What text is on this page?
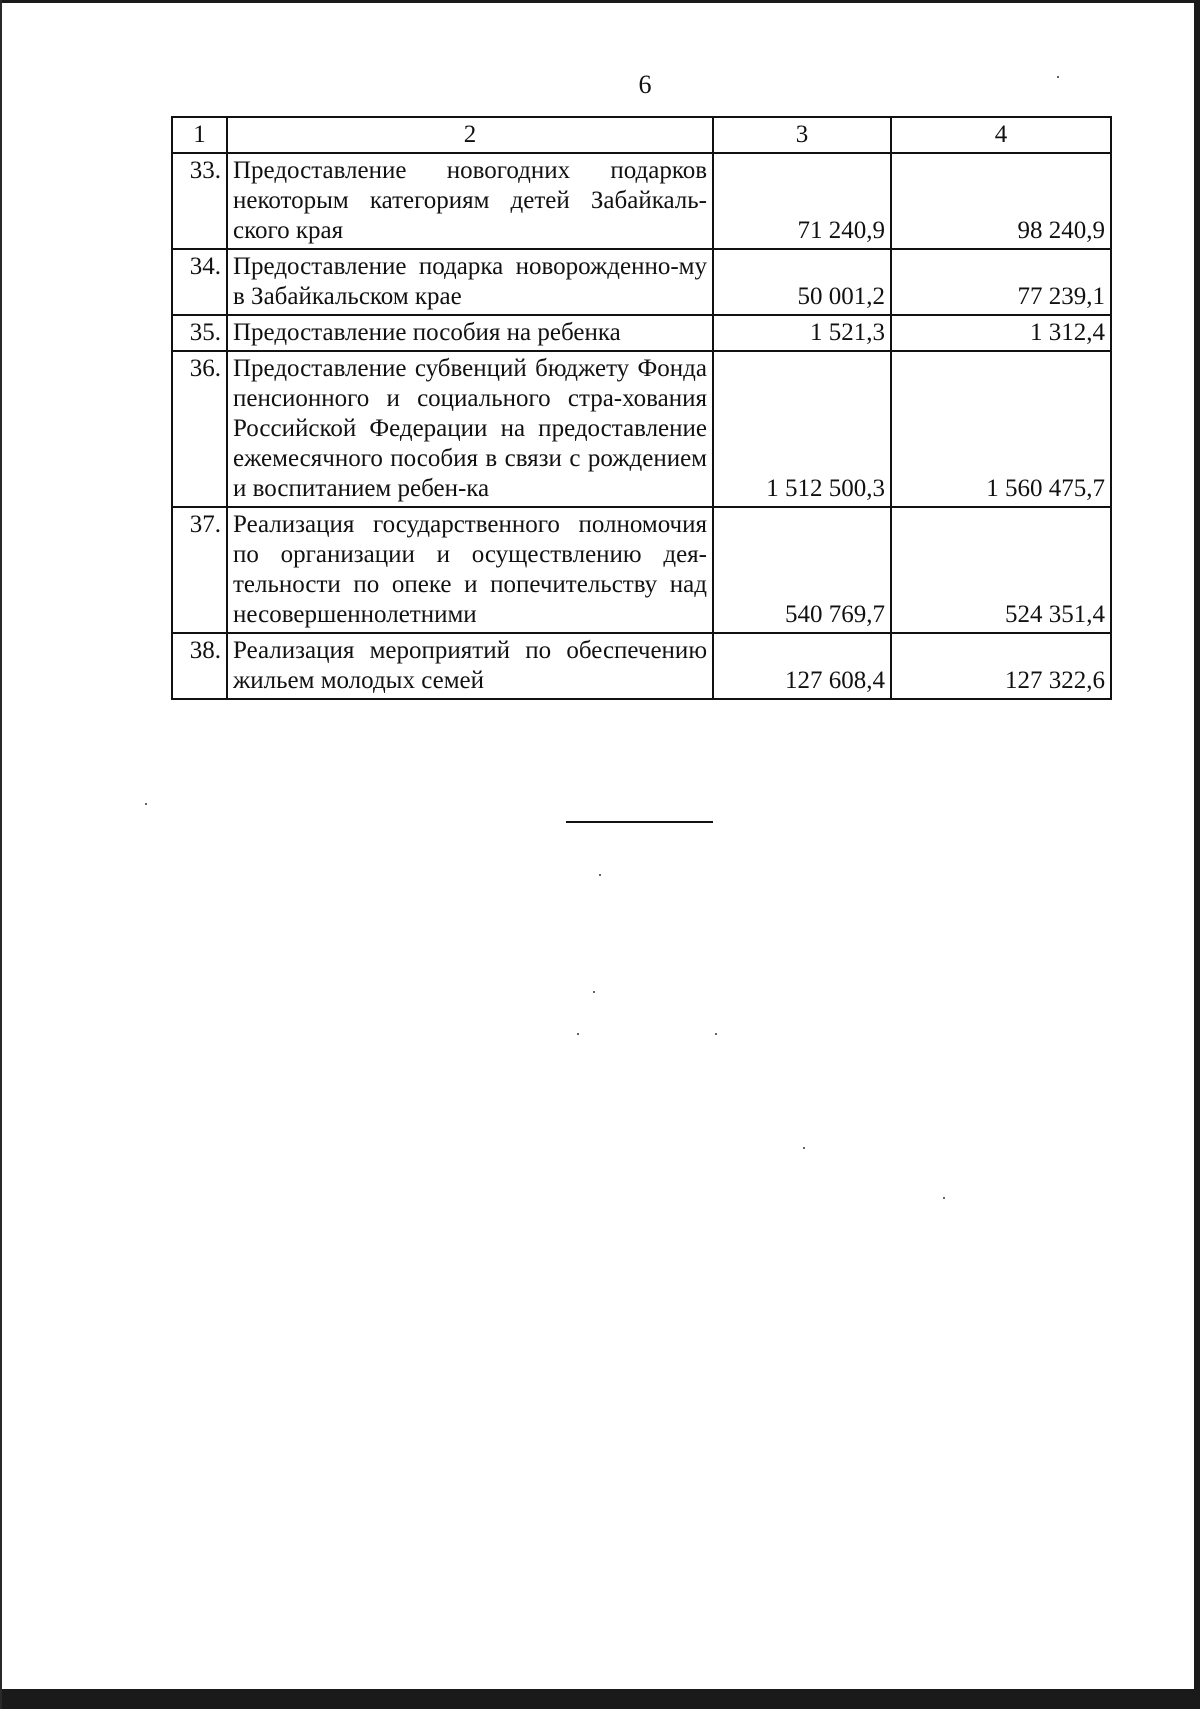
6
1	2	3	4
33.	Предоставление новогодних подарков некоторым категориям детей Забайкаль-ского края	71 240,9	98 240,9
34.	Предоставление подарка новорожденно-му в Забайкальском крае	50 001,2	77 239,1
35.	Предоставление пособия на ребенка	1 521,3	1 312,4
36.	Предоставление субвенций бюджету Фонда пенсионного и социального стра-хования Российской Федерации на предоставление ежемесячного пособия в связи с рождением и воспитанием ребен-ка	1 512 500,3	1 560 475,7
37.	Реализация государственного полномочия по организации и осуществлению дея-тельности по опеке и попечительству над несовершеннолетними	540 769,7	524 351,4
38.	Реализация мероприятий по обеспечению жильем молодых семей	127 608,4	127 322,6
